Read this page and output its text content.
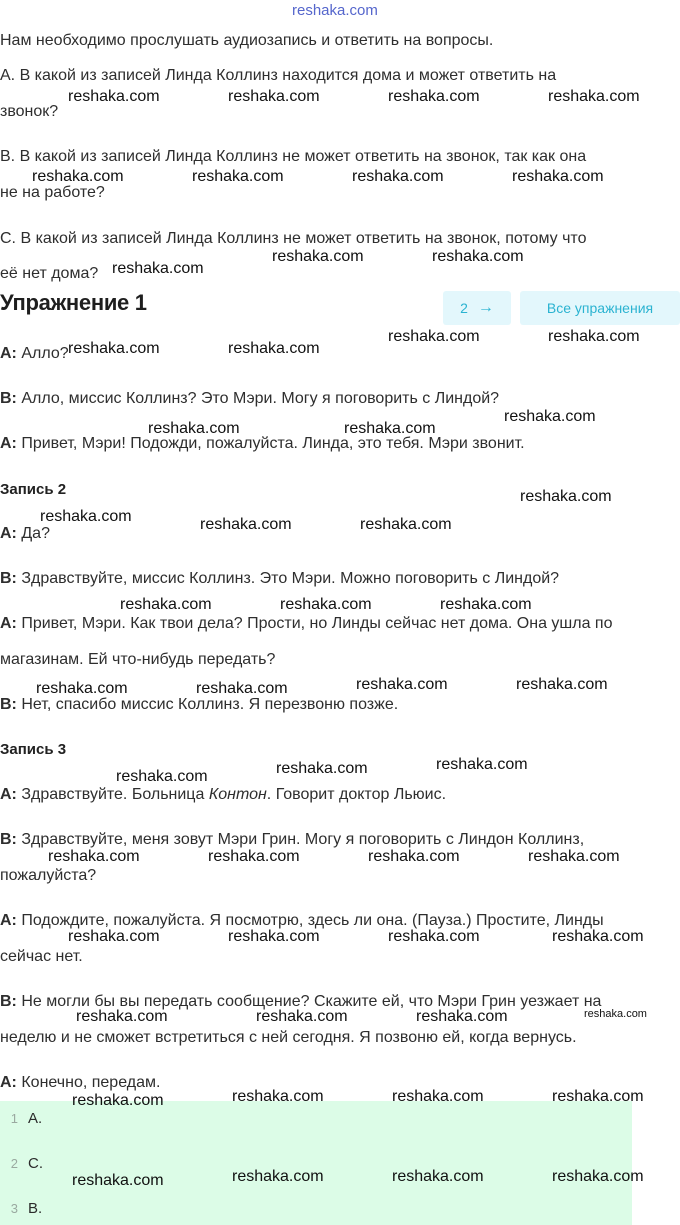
reshaka.com
Нам необходимо прослушать аудиозапись и ответить на вопросы.
A. В какой из записей Линда Коллинз находится дома и может ответить на
звонок?
B. В какой из записей Линда Коллинз не может ответить на звонок, так как она
не на работе?
C. В какой из записей Линда Коллинз не может ответить на звонок, потому что
её нет дома?
Упражнение 1	2 →	Все упражнения
A: Алло?
B: Алло, миссис Коллинз? Это Мэри. Могу я поговорить с Линдой?
A: Привет, Мэри! Подожди, пожалуйста. Линда, это тебя. Мэри звонит.
Запись 2
A: Да?
B: Здравствуйте, миссис Коллинз. Это Мэри. Можно поговорить с Линдой?
A: Привет, Мэри. Как твои дела? Прости, но Линды сейчас нет дома. Она ушла по
магазинам. Ей что-нибудь передать?
B: Нет, спасибо миссис Коллинз. Я перезвоню позже.
Запись 3
A: Здравствуйте. Больница Контон. Говорит доктор Льюис.
B: Здравствуйте, меня зовут Мэри Грин. Могу я поговорить с Линдон Коллинз,
пожалуйста?
A: Подождите, пожалуйста. Я посмотрю, здесь ли она. (Пауза.) Простите, Линды
сейчас нет.
B: Не могли бы вы передать сообщение? Скажите ей, что Мэри Грин уезжает на
неделю и не сможет встретиться с ней сегодня. Я позвоню ей, когда вернусь.
A: Конечно, передам.
1 A.
2 C.
3 B.
reshaka.com	reshaka.com	reshaka.com	reshaka.com
reshaka.com	reshaka.com	reshaka.com	reshaka.com
reshaka.com	reshaka.com
reshaka.com
reshaka.com	reshaka.com
reshaka.com	reshaka.com
reshaka.com
reshaka.com	reshaka.com
reshaka.com
reshaka.com	reshaka.com	reshaka.com
reshaka.com	reshaka.com	reshaka.com
reshaka.com	reshaka.com	reshaka.com	reshaka.com
reshaka.com	reshaka.com	reshaka.com
reshaka.com	reshaka.com	reshaka.com	reshaka.com
reshaka.com	reshaka.com	reshaka.com	reshaka.com
reshaka.com	reshaka.com	reshaka.com	reshaka.com
reshaka.com	reshaka.com	reshaka.com	reshaka.com
reshaka.com	reshaka.com	reshaka.com	reshaka.com
